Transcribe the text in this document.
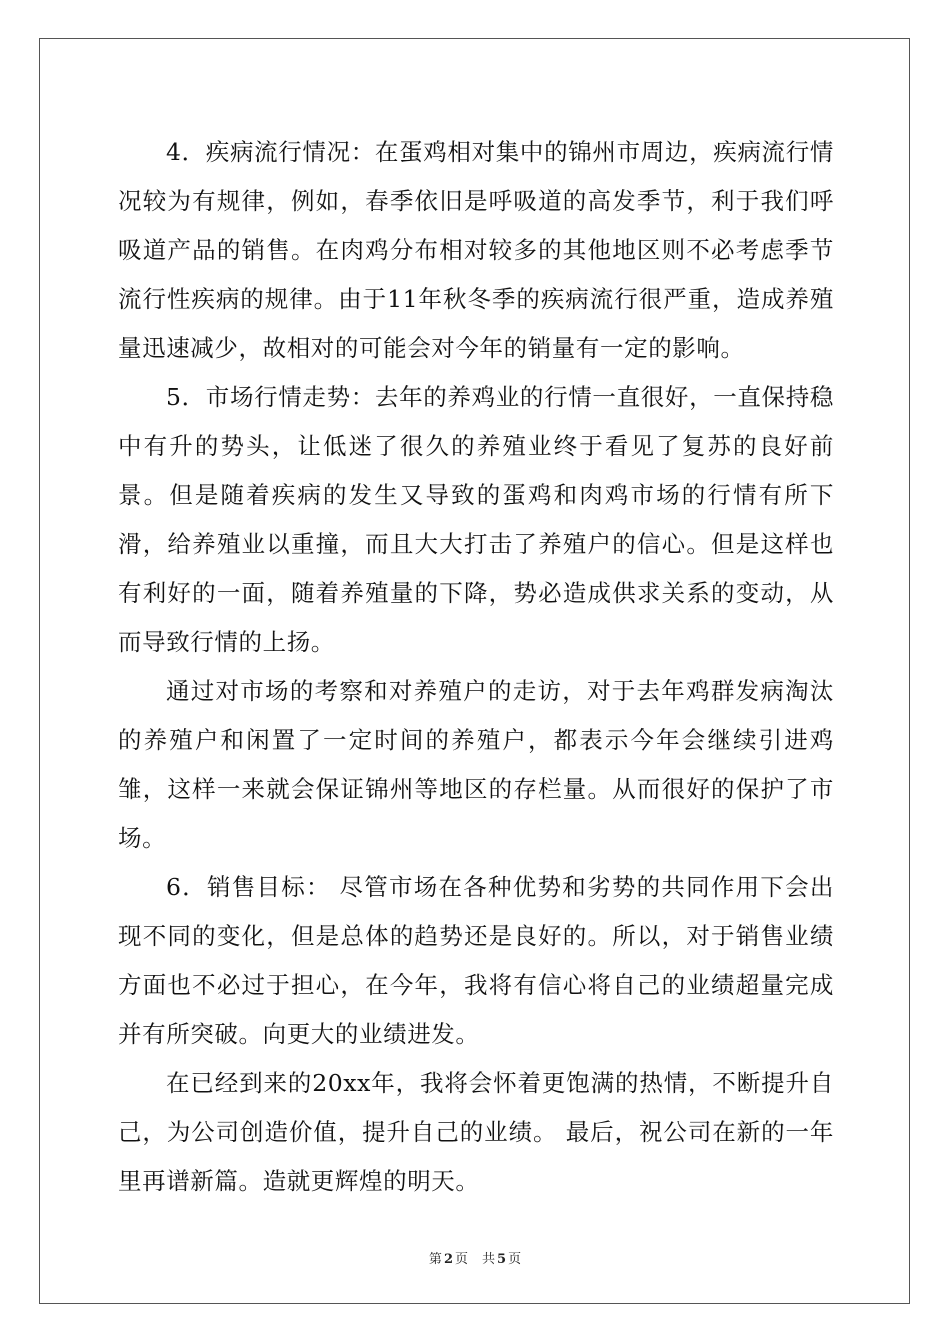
4．疾病流行情况：在蛋鸡相对集中的锦州市周边，疾病流行情况较为有规律，例如，春季依旧是呼吸道的高发季节，利于我们呼吸道产品的销售。在肉鸡分布相对较多的其他地区则不必考虑季节流行性疾病的规律。由于11年秋冬季的疾病流行很严重，造成养殖量迅速减少，故相对的可能会对今年的销量有一定的影响。

5．市场行情走势：去年的养鸡业的行情一直很好，一直保持稳中有升的势头，让低迷了很久的养殖业终于看见了复苏的良好前景。但是随着疾病的发生又导致的蛋鸡和肉鸡市场的行情有所下滑，给养殖业以重撞，而且大大打击了养殖户的信心。但是这样也有利好的一面，随着养殖量的下降，势必造成供求关系的变动，从而导致行情的上扬。

通过对市场的考察和对养殖户的走访，对于去年鸡群发病淘汰的养殖户和闲置了一定时间的养殖户，都表示今年会继续引进鸡雏，这样一来就会保证锦州等地区的存栏量。从而很好的保护了市场。

6．销售目标： 尽管市场在各种优势和劣势的共同作用下会出现不同的变化，但是总体的趋势还是良好的。所以，对于销售业绩方面也不必过于担心，在今年，我将有信心将自己的业绩超量完成并有所突破。向更大的业绩进发。

在已经到来的20xx年，我将会怀着更饱满的热情，不断提升自己，为公司创造价值，提升自己的业绩。 最后，祝公司在新的一年里再谱新篇。造就更辉煌的明天。

第 2 页 共 5 页
